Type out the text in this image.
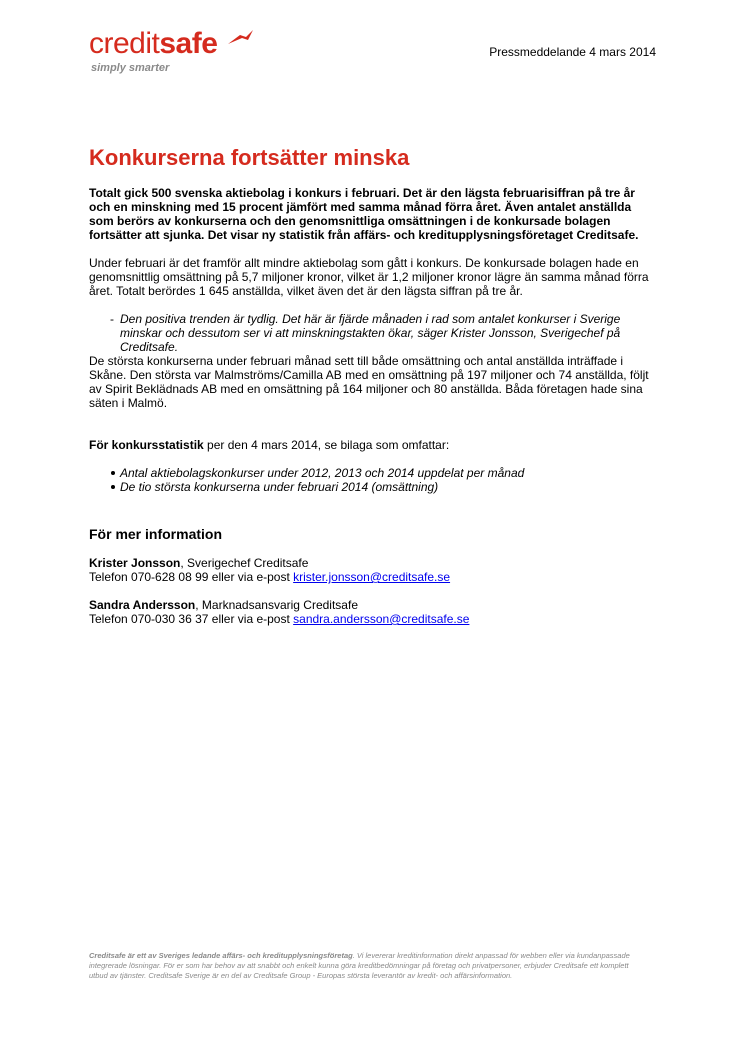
creditsafe
simply smarter
Pressmeddelande 4 mars 2014
Konkurserna fortsätter minska

Totalt gick 500 svenska aktiebolag i konkurs i februari. Det är den lägsta februarisiffran på tre år och en minskning med 15 procent jämfört med samma månad förra året. Även antalet anställda som berörs av konkurserna och den genomsnittliga omsättningen i de konkursade bolagen fortsätter att sjunka. Det visar ny statistik från affärs- och kreditupplysningsföretaget Creditsafe.

Under februari är det framför allt mindre aktiebolag som gått i konkurs. De konkursade bolagen hade en genomsnittlig omsättning på 5,7 miljoner kronor, vilket är 1,2 miljoner kronor lägre än samma månad förra året. Totalt berördes 1 645 anställda, vilket även det är den lägsta siffran på tre år.

- Den positiva trenden är tydlig. Det här är fjärde månaden i rad som antalet konkurser i Sverige minskar och dessutom ser vi att minskningstakten ökar, säger Krister Jonsson, Sverigechef på Creditsafe.

De största konkurserna under februari månad sett till både omsättning och antal anställda inträffade i Skåne. Den största var Malmströms/Camilla AB med en omsättning på 197 miljoner och 74 anställda, följt av Spirit Beklädnads AB med en omsättning på 164 miljoner och 80 anställda. Båda företagen hade sina säten i Malmö.

För konkursstatistik per den 4 mars 2014, se bilaga som omfattar:

Antal aktiebolagskonkurser under 2012, 2013 och 2014 uppdelat per månad
De tio största konkurserna under februari 2014 (omsättning)

För mer information

Krister Jonsson, Sverigechef Creditsafe
Telefon 070-628 08 99 eller via e-post krister.jonsson@creditsafe.se

Sandra Andersson, Marknadsansvarig Creditsafe
Telefon 070-030 36 37 eller via e-post sandra.andersson@creditsafe.se

Creditsafe är ett av Sveriges ledande affärs- och kreditupplysningsföretag. Vi levererar kreditinformation direkt anpassad för webben eller via kundanpassade integrerade lösningar. För er som har behov av att snabbt och enkelt kunna göra kreditbedömningar på företag och privatpersoner, erbjuder Creditsafe ett komplett utbud av tjänster. Creditsafe Sverige är en del av Creditsafe Group - Europas största leverantör av kredit- och affärsinformation.
